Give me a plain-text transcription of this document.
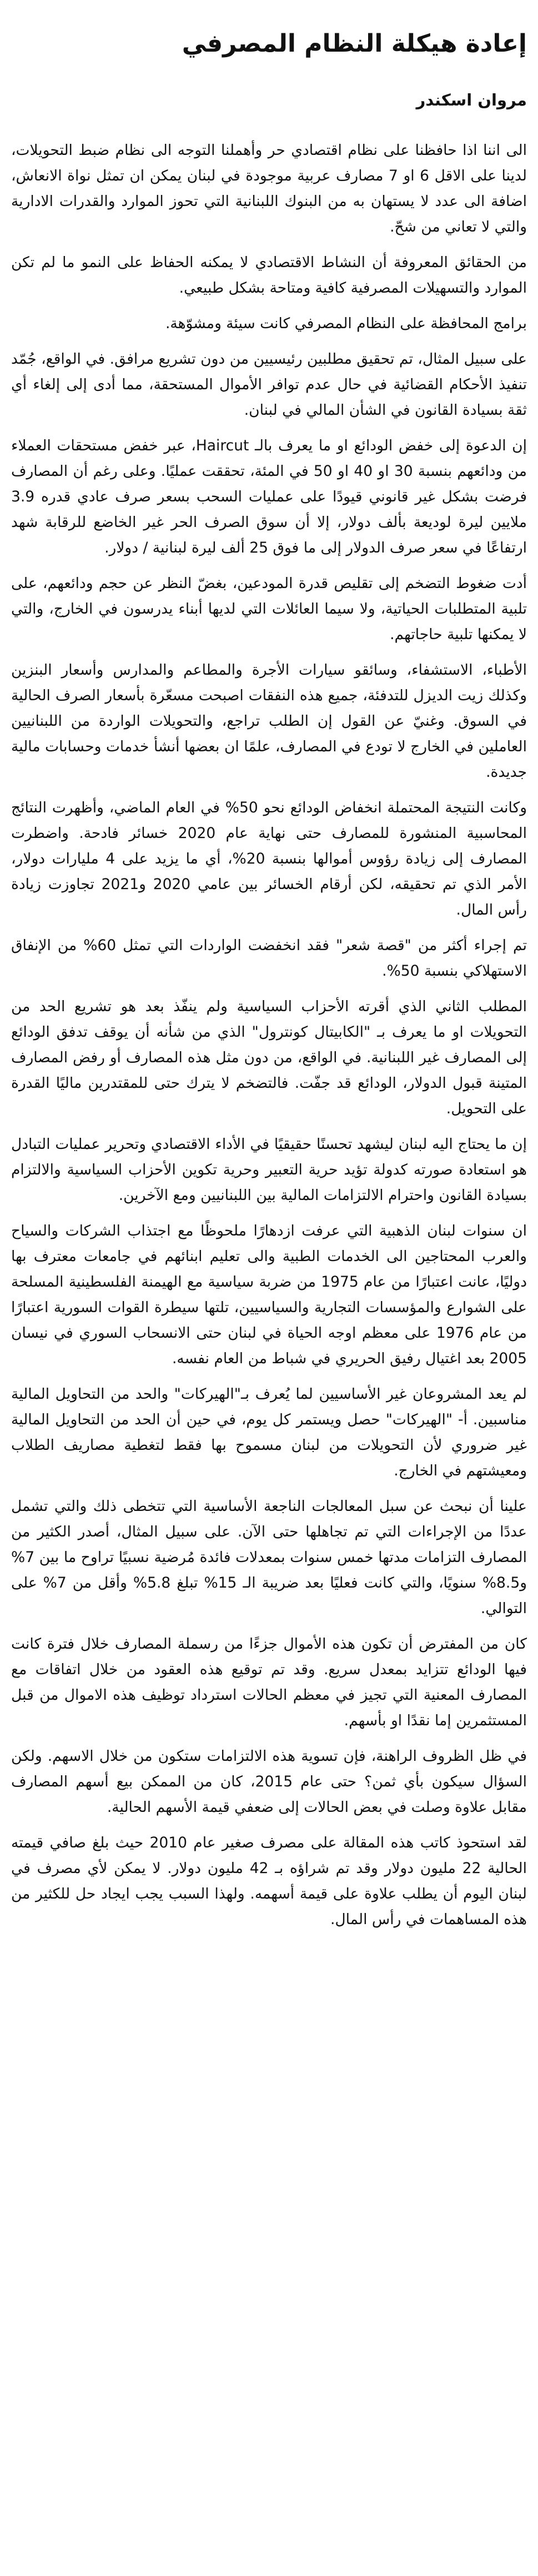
إعادة هيكلة النظام المصرفي
مروان اسكندر

الى اننا اذا حافظنا على نظام اقتصادي حر وأهملنا التوجه الى نظام ضبط التحويلات، لدينا على الاقل 6 او 7 مصارف عربية موجودة في لبنان يمكن ان تمثل نواة الانعاش، اضافة الى عدد لا يستهان به من البنوك اللبنانية التي تحوز الموارد والقدرات الادارية والتي لا تعاني من شحّ.

من الحقائق المعروفة أن النشاط الاقتصادي لا يمكنه الحفاظ على النمو ما لم تكن الموارد والتسهيلات المصرفية كافية ومتاحة بشكل طبيعي.

برامج المحافظة على النظام المصرفي كانت سيئة ومشوّهة.

على سبيل المثال، تم تحقيق مطلبين رئيسيين من دون تشريع مرافق. في الواقع، جُمّد تنفيذ الأحكام القضائية في حال عدم توافر الأموال المستحقة، مما أدى إلى إلغاء أي ثقة بسيادة القانون في الشأن المالي في لبنان.

إن الدعوة إلى خفض الودائع او ما يعرف بالـ Haircut، عبر خفض مستحقات العملاء من ودائعهم بنسبة 30 او 40 او 50 في المئة، تحققت عمليًا. وعلى رغم أن المصارف فرضت بشكل غير قانوني قيودًا على عمليات السحب بسعر صرف عادي قدره 3.9 ملايين ليرة لوديعة بألف دولار، إلا أن سوق الصرف الحر غير الخاضع للرقابة شهد ارتفاعًا في سعر صرف الدولار إلى ما فوق 25 ألف ليرة لبنانية / دولار.

أدت ضغوط التضخم إلى تقليص قدرة المودعين، بغضّ النظر عن حجم ودائعهم، على تلبية المتطلبات الحياتية، ولا سيما العائلات التي لديها أبناء يدرسون في الخارج، والتي لا يمكنها تلبية حاجاتهم.

الأطباء، الاستشفاء، وسائقو سيارات الأجرة والمطاعم والمدارس وأسعار البنزين وكذلك زيت الديزل للتدفئة، جميع هذه النفقات اصبحت مسعّرة بأسعار الصرف الحالية في السوق. وغنيّ عن القول إن الطلب تراجع، والتحويلات الواردة من اللبنانيين العاملين في الخارج لا تودع في المصارف، علمًا ان بعضها أنشأ خدمات وحسابات مالية جديدة.

وكانت النتيجة المحتملة انخفاض الودائع نحو 50% في العام الماضي، وأظهرت النتائج المحاسبية المنشورة للمصارف حتى نهاية عام 2020 خسائر فادحة. واضطرت المصارف إلى زيادة رؤوس أموالها بنسبة 20%، أي ما يزيد على 4 مليارات دولار، الأمر الذي تم تحقيقه، لكن أرقام الخسائر بين عامي 2020 و2021 تجاوزت زيادة رأس المال.

تم إجراء أكثر من "قصة شعر" فقد انخفضت الواردات التي تمثل 60% من الإنفاق الاستهلاكي بنسبة 50%.

المطلب الثاني الذي أقرته الأحزاب السياسية ولم ينفّذ بعد هو تشريع الحد من التحويلات او ما يعرف بـ "الكابيتال كونترول" الذي من شأنه أن يوقف تدفق الودائع إلى المصارف غير اللبنانية. في الواقع، من دون مثل هذه المصارف أو رفض المصارف المتينة قبول الدولار، الودائع قد جفّت. فالتضخم لا يترك حتى للمقتدرين ماليًا القدرة على التحويل.

إن ما يحتاج اليه لبنان ليشهد تحسنًا حقيقيًا في الأداء الاقتصادي وتحرير عمليات التبادل هو استعادة صورته كدولة تؤيد حرية التعبير وحرية تكوين الأحزاب السياسية والالتزام بسيادة القانون واحترام الالتزامات المالية بين اللبنانيين ومع الآخرين.

ان سنوات لبنان الذهبية التي عرفت ازدهارًا ملحوظًا مع اجتذاب الشركات والسياح والعرب المحتاجين الى الخدمات الطبية والى تعليم ابنائهم في جامعات معترف بها دوليًا، عانت اعتبارًا من عام 1975 من ضربة سياسية مع الهيمنة الفلسطينية المسلحة على الشوارع والمؤسسات التجارية والسياسيين، تلتها سيطرة القوات السورية اعتبارًا من عام 1976 على معظم اوجه الحياة في لبنان حتى الانسحاب السوري في نيسان 2005 بعد اغتيال رفيق الحريري في شباط من العام نفسه.

لم يعد المشروعان غير الأساسيين لما يُعرف بـ"الهيركات" والحد من التحاويل المالية مناسبين. أ- "الهيركات" حصل ويستمر كل يوم، في حين أن الحد من التحاويل المالية غير ضروري لأن التحويلات من لبنان مسموح بها فقط لتغطية مصاريف الطلاب ومعيشتهم في الخارج.

علينا أن نبحث عن سبل المعالجات الناجعة الأساسية التي تتخطى ذلك والتي تشمل عددًا من الإجراءات التي تم تجاهلها حتى الآن. على سبيل المثال، أصدر الكثير من المصارف التزامات مدتها خمس سنوات بمعدلات فائدة مُرضية نسبيًا تراوح ما بين 7% و8.5% سنويًا، والتي كانت فعليًا بعد ضريبة الـ 15% تبلغ 5.8% وأقل من 7% على التوالي.

كان من المفترض أن تكون هذه الأموال جزءًا من رسملة المصارف خلال فترة كانت فيها الودائع تتزايد بمعدل سريع. وقد تم توقيع هذه العقود من خلال اتفاقات مع المصارف المعنية التي تجيز في معظم الحالات استرداد توظيف هذه الاموال من قبل المستثمرين إما نقدًا او بأسهم.

في ظل الظروف الراهنة، فإن تسوية هذه الالتزامات ستكون من خلال الاسهم. ولكن السؤال سيكون بأي ثمن؟ حتى عام 2015، كان من الممكن بيع أسهم المصارف مقابل علاوة وصلت في بعض الحالات إلى ضعفي قيمة الأسهم الحالية.

لقد استحوذ كاتب هذه المقالة على مصرف صغير عام 2010 حيث بلغ صافي قيمته الحالية 22 مليون دولار وقد تم شراؤه بـ 42 مليون دولار. لا يمكن لأي مصرف في لبنان اليوم أن يطلب علاوة على قيمة أسهمه. ولهذا السبب يجب ايجاد حل للكثير من هذه المساهمات في رأس المال.
